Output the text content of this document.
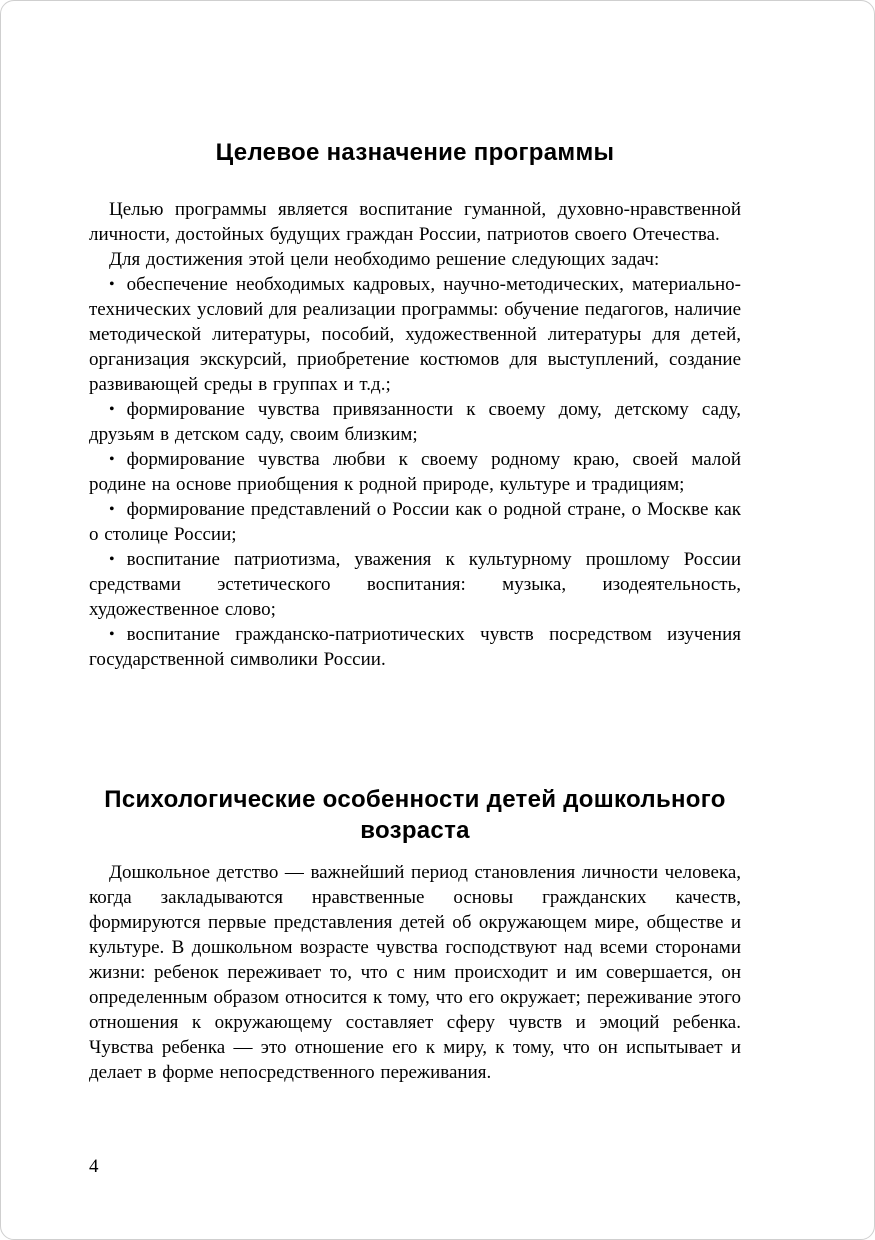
Целевое назначение программы

Целью программы является воспитание гуманной, духовно-нравственной личности, достойных будущих граждан России, патриотов своего Отечества.

Для достижения этой цели необходимо решение следующих задач:

• обеспечение необходимых кадровых, научно-методических, материально-технических условий для реализации программы: обучение педагогов, наличие методической литературы, пособий, художественной литературы для детей, организация экскурсий, приобретение костюмов для выступлений, создание развивающей среды в группах и т.д.;

• формирование чувства привязанности к своему дому, детскому саду, друзьям в детском саду, своим близким;

• формирование чувства любви к своему родному краю, своей малой родине на основе приобщения к родной природе, культуре и традициям;

• формирование представлений о России как о родной стране, о Москве как о столице России;

• воспитание патриотизма, уважения к культурному прошлому России средствами эстетического воспитания: музыка, изодеятельность, художественное слово;

• воспитание гражданско-патриотических чувств посредством изучения государственной символики России.

Психологические особенности детей дошкольного возраста

Дошкольное детство — важнейший период становления личности человека, когда закладываются нравственные основы гражданских качеств, формируются первые представления детей об окружающем мире, обществе и культуре. В дошкольном возрасте чувства господствуют над всеми сторонами жизни: ребенок переживает то, что с ним происходит и им совершается, он определенным образом относится к тому, что его окружает; переживание этого отношения к окружающему составляет сферу чувств и эмоций ребенка. Чувства ребенка — это отношение его к миру, к тому, что он испытывает и делает в форме непосредственного переживания.

4
